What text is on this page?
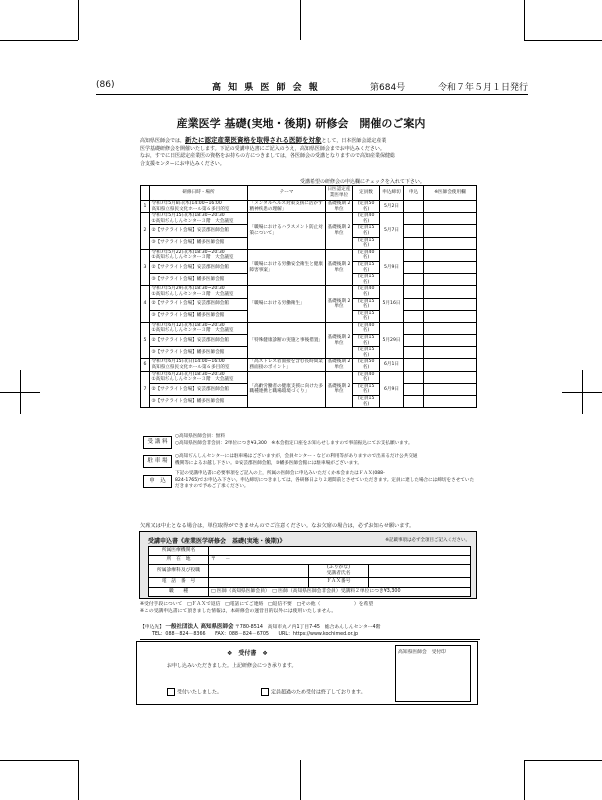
(86)	高 知 県 医 師 会 報	第684号	令和７年５月１日発行
産業医学 基礎(実地・後期) 研修会　開催のご案内
高知県医師会では，新たに認定産業医資格を取得される医師を対象として，日本医師会認定産業
医学基礎研修会を開催いたします。下記の受講申込書にご記入のうえ，高知県医師会までお申込みください。
なお，すでに日医認定産業医の資格をお持ちの方につきましては，各医師会の受講となりますので高知産業保健総
合支援センターにお申込みください。
受講希望の研修会の申込欄にチェックを入れて下さい。
	研修日時・場所	テーマ	日医認定産業医単位	定員数	申込締切	申込	※医師会使用欄
1	令和7年5月8日(木)14:00~16:00
高知県立県民文化ホール第６多目的室	「メンタルヘルス対策支援に活かす精神疾患の理解」	基礎後期 2単位	(定員50名)	5月2日		
2	令和7年5月15日(木)18:30~20:30
①高知ぢんしんセンター３階　大会議室	「職場におけるハラスメント防止対策について」	基礎後期 2単位	(定員40名)	5月7日		

	②【サテライト会場】安芸郡医師会館			(定員15名)			

	③【サテライト会場】幡多医師会館			(定員15名)			
3	令和7年5月22日(木)18:30~20:30
①高知ぢんしんセンター３階　大会議室	「職場における労働安全衛生と健康障害事案」	基礎後期 2単位	(定員40名)	5月9日		

	②【サテライト会場】安芸郡医師会館			(定員15名)			

	③【サテライト会場】幡多医師会館			(定員15名)			
4	令和7年5月29日(木)18:30~20:30
①高知ぢんしんセンター３階　大会議室	「職場における労働衛生」	基礎後期 2単位	(定員40名)	5月16日		

	②【サテライト会場】安芸郡医師会館			(定員15名)			

	③【サテライト会場】幡多医師会館			(定員15名)			
5	令和7年6月12日(木)18:30~20:30
①高知ぢんしんセンター３階　大会議室	「特殊健康診断の実施と事後措置」	基礎後期 2単位	(定員40名)	5月29日		

	②【サテライト会場】安芸郡医師会館			(定員15名)			

	③【サテライト会場】幡多医師会館			(定員15名)			
6	令和7年6月15日(日)14:00~16:00
高知県立県民文化ホール第６多目的室	「高ストレス者面接を含む長時間業務面接のポイント」	基礎後期 2単位	(定員50名)	6月1日		
7	令和7年6月23日(月)18:30~20:30
①高知ぢんしんセンター３階　大会議室	「高齢労働者の健康支援に向けた多職種連携と職場環境づくり」	基礎後期 2単位	(定員40名)	6月9日		

	②【サテライト会場】安芸郡医師会館			(定員15名)			

	③【サテライト会場】幡多医師会館			(定員15名)			
受 講 料
○高知県医師会員：無料
○高知県医師会非会員：2単位につき¥3,300　※本会指定口座をお知らせしますので事前振込にてお支払願います。
駐 車 場
○高知ぢんしんセンターには駐車場はございますが，会員センター・などの利用等がありますので出来るだけ公共交通
機関等によるお越し下さい。②安芸郡医師会館，③幡多医師会館には駐車場がございます。
申　込
下記の受講申込書に必要事項をご記入の上，所属の医師会に申込みいただくか本会またはＦＡＸ(088-
824-1765)でお申込み下さい。申込締切につきましては，各研修日より２週間前とさせていただきます。定員に達した場合には締切をさせていただきますので予めご了承ください。
欠席又は中止となる場合は，単位取得ができませんのでご注意ください。なお欠席の場合は，必ずお知らせ願います。
受講申込書《産業医学研修会　基礎(実地・後期)》	※記載事項は必ず全項目ご記入ください。
所属医療機関名			
所　在　地	〒　　－		
所属診療科及び役職		(ふりがな)
受講者氏名	
電　話　番　号		ＦＡＸ番号	
職　　種	□ 医師（高知県医師会員）　□ 医師（高知県医師会非会員）受講料２単位につき¥3,300		
※受付手段について　□ＦＡＸで返信　□電話にてご連絡　□返信不要　□その他（　　　　　　　）を希望
※この受講申込書にて頂きました情報は，本研修会の運営目的以外には使用いたしません。
【申込先】 一般社団法人 高知県医師会 〒780-8514　高知市丸ノ内1丁目7-45　総合あんしんセンター4階
TEL：088－824－8366　　FAX：088－824－6705　　URL：https://www.kochimed.or.jp
❖　受付書　❖
お申し込みいただきました。上記研修会につき承ります。
受付いたしました。	定員超過のため受付は終了しております。
高知県医師会　受付印
